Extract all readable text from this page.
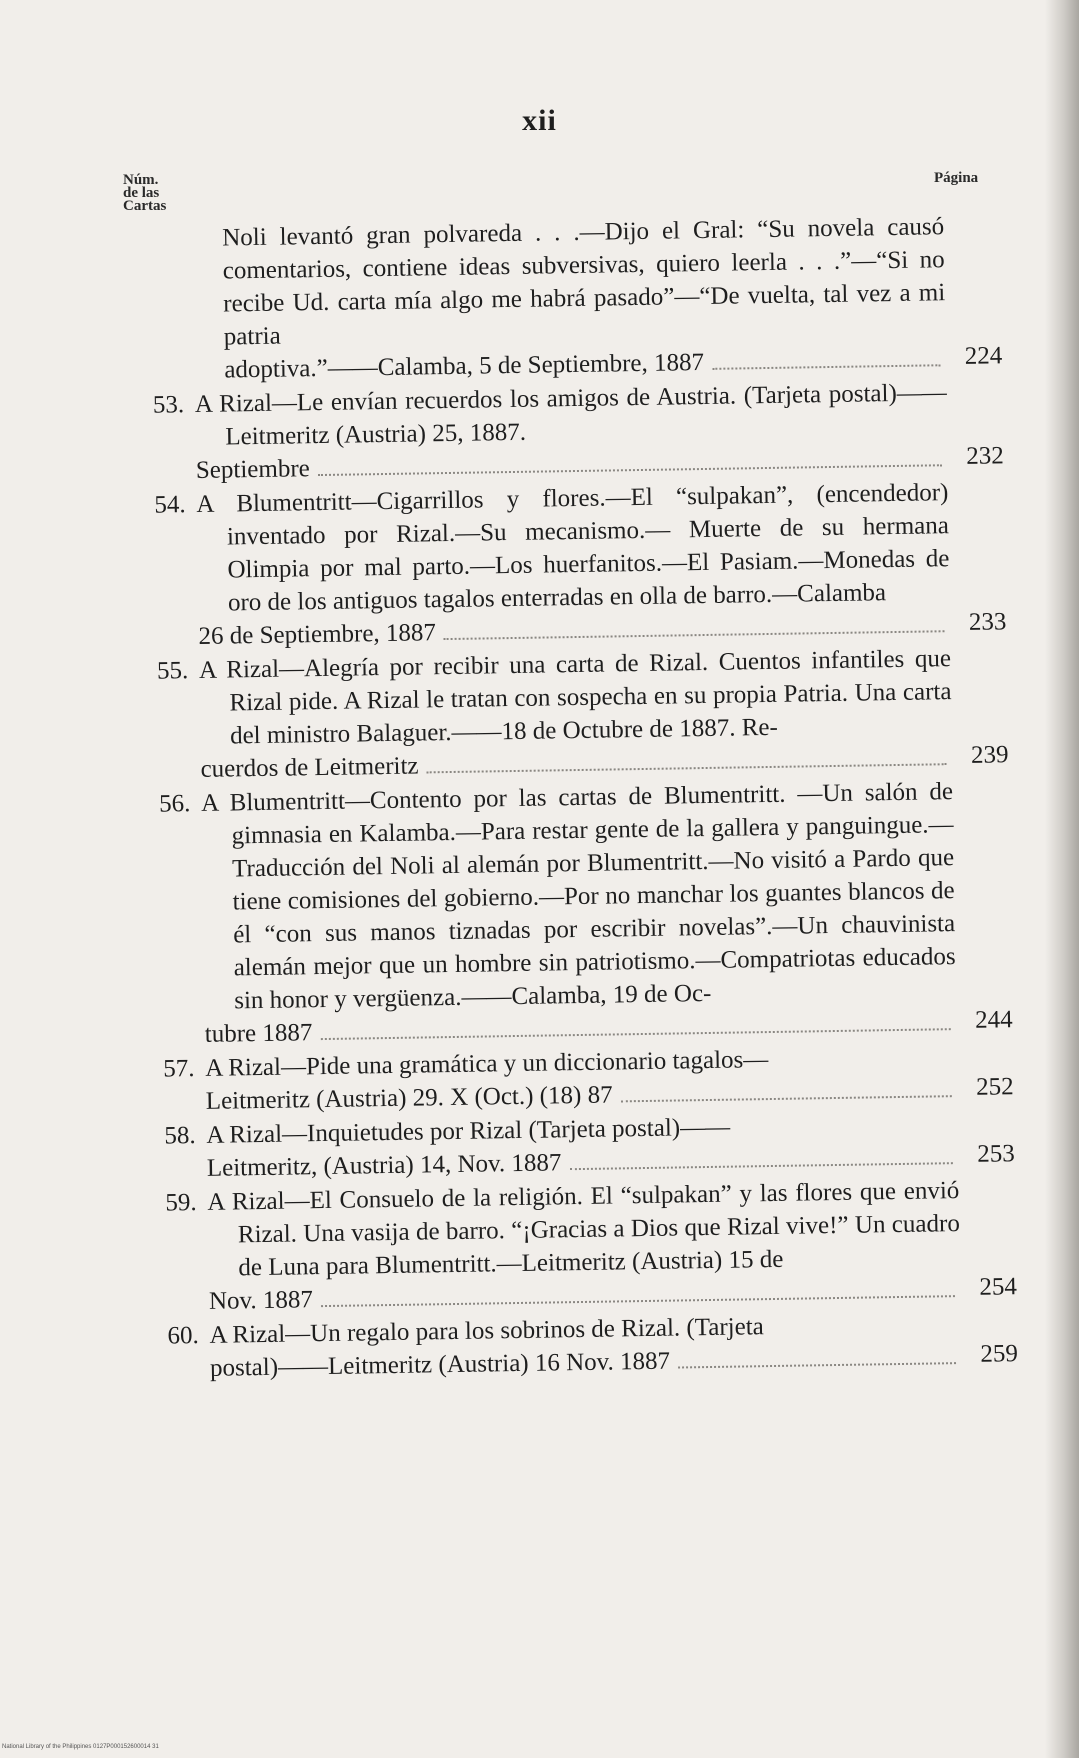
xii
Núm.
de las
Cartas
Página
Noli levantó gran polvareda . . .—Dijo el Gral: “Su novela causó comentarios, contiene ideas subversivas, quiero leerla . . .”—“Si no recibe Ud. carta mía algo me habrá pasado”—“De vuelta, tal vez a mi patria
adoptiva.”——Calamba, 5 de Septiembre, 1887	224
53. A Rizal—Le envían recuerdos los amigos de Austria. (Tarjeta postal)——Leitmeritz (Austria) 25, 1887.
Septiembre	232
54. A Blumentritt—Cigarrillos y flores.—El “sulpakan”, (encendedor) inventado por Rizal.—Su mecanismo.— Muerte de su hermana Olimpia por mal parto.—Los huerfanitos.—El Pasiam.—Monedas de oro de los antiguos tagalos enterradas en olla de barro.—Calamba
26 de Septiembre, 1887	233
55. A Rizal—Alegría por recibir una carta de Rizal. Cuentos infantiles que Rizal pide. A Rizal le tratan con sospecha en su propia Patria. Una carta del ministro Balaguer.——18 de Octubre de 1887. Re-
cuerdos de Leitmeritz	239
56. A Blumentritt—Contento por las cartas de Blumentritt. —Un salón de gimnasia en Kalamba.—Para restar gente de la gallera y panguingue.—Traducción del Noli al alemán por Blumentritt.—No visitó a Pardo que tiene comisiones del gobierno.—Por no manchar los guantes blancos de él “con sus manos tiznadas por escribir novelas”.—Un chauvinista alemán mejor que un hombre sin patriotismo.—Compatriotas educados sin honor y vergüenza.——Calamba, 19 de Oc-
tubre 1887	244
57. A Rizal—Pide una gramática y un diccionario tagalos—
Leitmeritz (Austria) 29. X (Oct.) (18) 87	252
58. A Rizal—Inquietudes por Rizal (Tarjeta postal)——
Leitmeritz, (Austria) 14, Nov. 1887	253
59. A Rizal—El Consuelo de la religión. El “sulpakan” y las flores que envió Rizal. Una vasija de barro. “¡Gracias a Dios que Rizal vive!” Un cuadro de Luna para Blumentritt.—Leitmeritz (Austria) 15 de
Nov. 1887	254
60. A Rizal—Un regalo para los sobrinos de Rizal. (Tarjeta
postal)——Leitmeritz (Austria) 16 Nov. 1887	259
National Library of the Philippines 0127P000152600014 31
